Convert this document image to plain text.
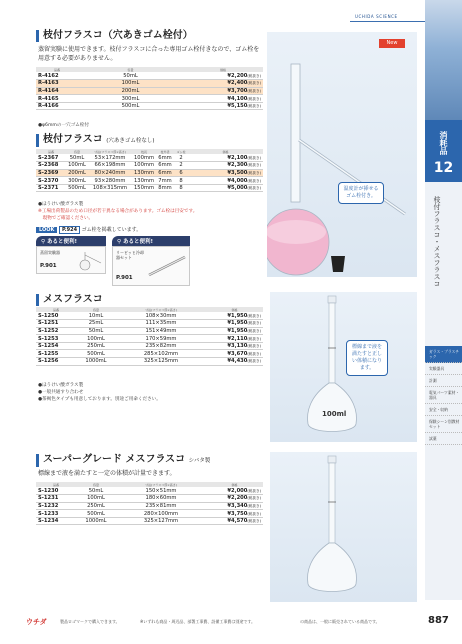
UCHIDA SCIENCE
消耗品
12
枝付フラスコ・メスフラスコ
ガラス・プラスチック
実験器具
計測
電気パーツ素材・器具
安全・収納
保険シーン別教材セット
試薬
枝付フラスコ（穴あきゴム栓付）
蒸留実験に使用できます。枝付フラスコに合った専用ゴム栓付きなので、ゴム栓を用意する必要がありません。
品番	容量	価格
R-4162	50mL	¥2,200(税抜き)
R-4163	100mL	¥2,400(税抜き)
R-4164	200mL	¥3,700(税抜き)
R-4165	300mL	¥4,100(税抜き)
R-4166	500mL	¥5,150(税抜き)
●φ6mmの一穴ゴム栓付
枝付フラスコ (穴あきゴム栓なし)
品番	容量	寸法(フラスコ部×高さ)	枝長	枝外径	ゴム栓	価格
S-2367	50mL	53×172mm	100mm	6mm	2	¥2,100(税抜き)
S-2368	100mL	66×198mm	100mm	6mm	2	¥2,300(税抜き)
S-2369	200mL	80×240mm	130mm	6mm	6	¥3,500(税抜き)
S-2370	300mL	93×280mm	130mm	7mm	8	¥4,000(税抜き)
S-2371	500mL	108×315mm	150mm	8mm	8	¥5,000(税抜き)
●ほうけい酸ガラス製
※工場出荷製品のため口径が若干異なる場合があります。ゴム栓は目安です。
　現物でご確認ください。
LOOK P.924 ゴム栓を掲載しています。
⚲ あると便利!
蒸留実験器
P.901
⚲ あると便利!
リービッヒ冷却器セット
P.901
New
温度計が挿せるゴム栓付き。
メスフラスコ
品番	容量	寸法(フラスコ部×高さ)	価格
S-1250	10mL	108×30mm	¥1,950(税抜き)
S-1251	25mL	111×35mm	¥1,950(税抜き)
S-1252	50mL	151×49mm	¥1,950(税抜き)
S-1253	100mL	170×59mm	¥2,110(税抜き)
S-1254	250mL	235×82mm	¥3,130(税抜き)
S-1255	500mL	285×102mm	¥3,670(税抜き)
S-1256	1000mL	325×125mm	¥4,430(税抜き)
●ほうけい酸ガラス製
●一般共通すり合わせ
●茶褐色タイプも用意しております。別途ご用命ください。
100ml
標線まで液を満たすと正しい体積になります。
スーパーグレード メスフラスコ シバタ製
標線まで液を満たすと一定の体積が計量できます。
品番	容量	寸法(フラスコ部×高さ)	価格
S-1230	50mL	150×51mm	¥2,000(税抜き)
S-1231	100mL	180×60mm	¥2,200(税抜き)
S-1232	250mL	235×81mm	¥3,340(税抜き)
S-1233	500mL	280×100mm	¥3,750(税抜き)
S-1234	1000mL	325×127mm	¥4,570(税抜き)
ウチダ	製品ロゴマークで購入できます。	※いずれも商品・周辺品、部署工事費、設備工事費は別途です。	の商品は、一般に販売されている商品です。	887
